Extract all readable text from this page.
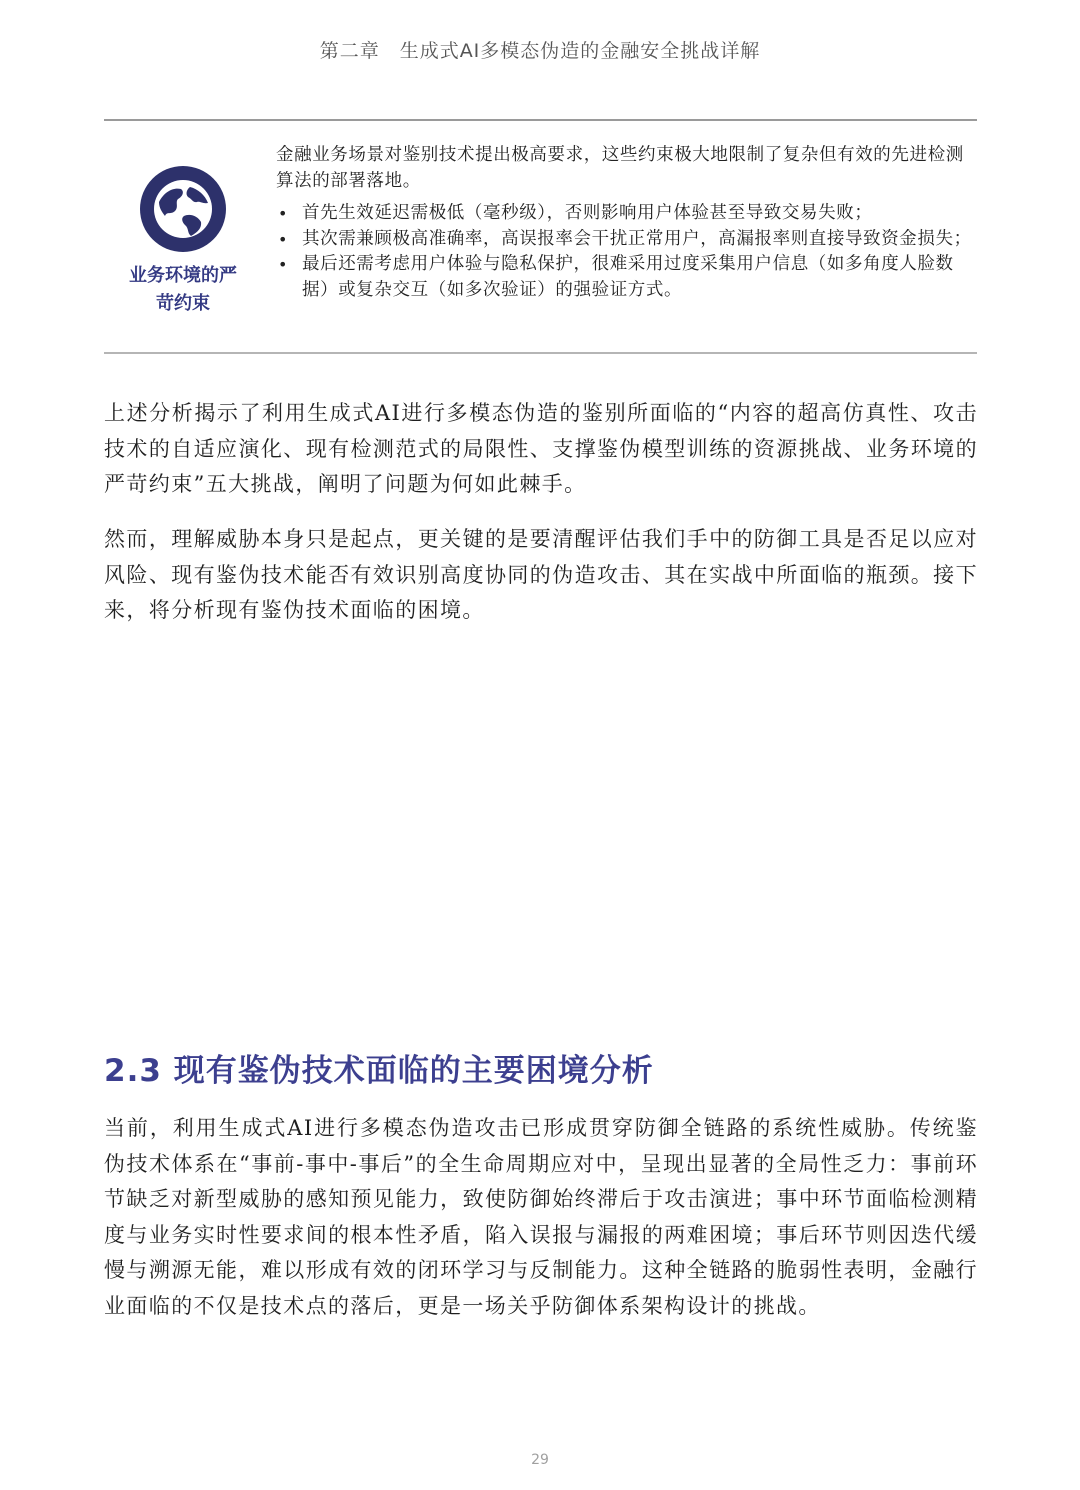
第二章　生成式AI多模态伪造的金融安全挑战详解
业务环境的严
苛约束

金融业务场景对鉴别技术提出极高要求，这些约束极大地限制了复杂但有效的先进检测算法的部署落地。

• 首先生效延迟需极低（毫秒级），否则影响用户体验甚至导致交易失败；
• 其次需兼顾极高准确率，高误报率会干扰正常用户，高漏报率则直接导致资金损失；
• 最后还需考虑用户体验与隐私保护，很难采用过度采集用户信息（如多角度人脸数据）或复杂交互（如多次验证）的强验证方式。

上述分析揭示了利用生成式AI进行多模态伪造的鉴别所面临的“内容的超高仿真性、攻击技术的自适应演化、现有检测范式的局限性、支撑鉴伪模型训练的资源挑战、业务环境的严苛约束”五大挑战，阐明了问题为何如此棘手。

然而，理解威胁本身只是起点，更关键的是要清醒评估我们手中的防御工具是否足以应对风险、现有鉴伪技术能否有效识别高度协同的伪造攻击、其在实战中所面临的瓶颈。接下来，将分析现有鉴伪技术面临的困境。

2.3 现有鉴伪技术面临的主要困境分析

当前，利用生成式AI进行多模态伪造攻击已形成贯穿防御全链路的系统性威胁。传统鉴伪技术体系在“事前-事中-事后”的全生命周期应对中，呈现出显著的全局性乏力：事前环节缺乏对新型威胁的感知预见能力，致使防御始终滞后于攻击演进；事中环节面临检测精度与业务实时性要求间的根本性矛盾，陷入误报与漏报的两难困境；事后环节则因迭代缓慢与溯源无能，难以形成有效的闭环学习与反制能力。这种全链路的脆弱性表明，金融行业面临的不仅是技术点的落后，更是一场关乎防御体系架构设计的挑战。

29
